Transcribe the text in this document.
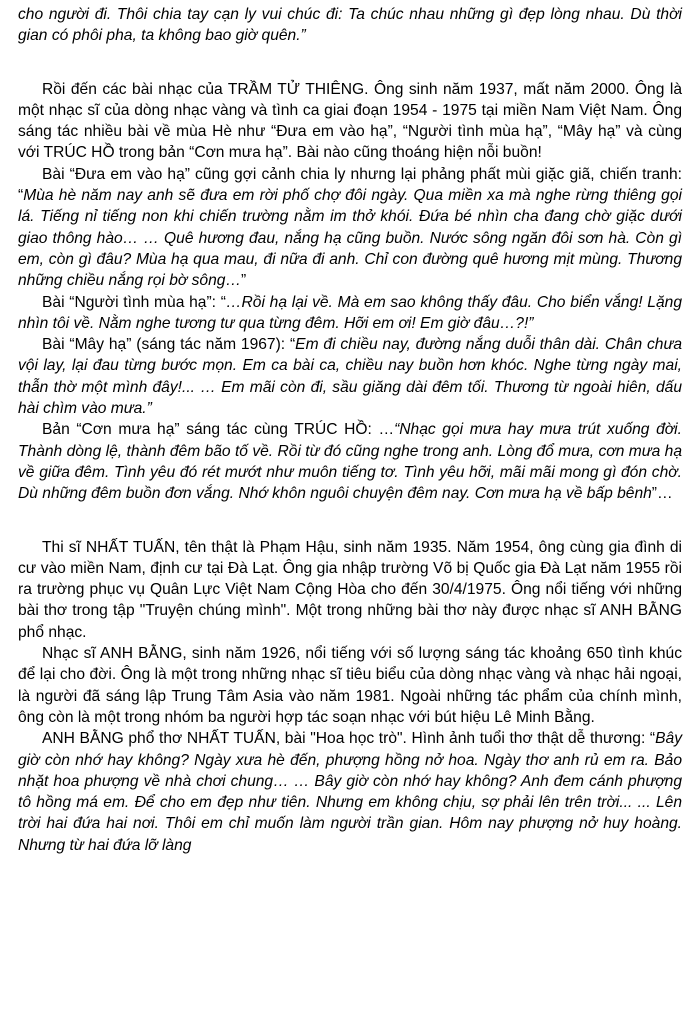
cho người đi. Thôi chia tay cạn ly vui chúc đi: Ta chúc nhau những gì đẹp lòng nhau. Dù thời gian có phôi pha, ta không bao giờ quên.”

Rồi đến các bài nhạc của TRẦM TỬ THIÊNG. Ông sinh năm 1937, mất năm 2000. Ông là một nhạc sĩ của dòng nhạc vàng và tình ca giai đoạn 1954 - 1975 tại miền Nam Việt Nam. Ông sáng tác nhiều bài về mùa Hè như “Đưa em vào hạ”, “Người tình mùa hạ”, “Mây hạ” và cùng với TRÚC HỒ trong bản “Cơn mưa hạ”. Bài nào cũng thoáng hiện nỗi buồn!

Bài “Đưa em vào hạ” cũng gợi cảnh chia ly nhưng lại phảng phất mùi giặc giã, chiến tranh: “Mùa hè năm nay anh sẽ đưa em rời phố chợ đôi ngày. Qua miền xa mà nghe rừng thiêng gọi lá. Tiếng nỉ tiếng non khi chiến trường nằm im thở khói. Đứa bé nhìn cha đang chờ giặc dưới giao thông hào… … Quê hương đau, nắng hạ cũng buồn. Nước sông ngăn đôi sơn hà. Còn gì em, còn gì đâu? Mùa hạ qua mau, đi nữa đi anh. Chỉ con đường quê hương mịt mùng. Thương những chiều nắng rọi bờ sông…”

Bài “Người tình mùa hạ”: “…Rồi hạ lại về. Mà em sao không thấy đâu. Cho biển vắng! Lặng nhìn tôi về. Nằm nghe tương tư qua từng đêm. Hỡi em ơi! Em giờ đâu…?!”

Bài “Mây hạ” (sáng tác năm 1967): “Em đi chiều nay, đường nắng duỗi thân dài. Chân chưa vội lay, lại đau từng bước mọn. Em ca bài ca, chiều nay buồn hơn khóc. Nghe từng ngày mai, thẫn thờ một mình đây!... … Em mãi còn đi, sầu giăng dài đêm tối. Thương từ ngoài hiên, dấu hài chìm vào mưa.”

Bản “Cơn mưa hạ” sáng tác cùng TRÚC HỒ: …“Nhạc gọi mưa hay mưa trút xuống đời. Thành dòng lệ, thành đêm bão tố về. Rồi từ đó cũng nghe trong anh. Lòng đổ mưa, cơn mưa hạ về giữa đêm. Tình yêu đó rét mướt như muôn tiếng tơ. Tình yêu hỡi, mãi mãi mong gì đón chờ. Dù những đêm buồn đơn vắng. Nhớ khôn nguôi chuyện đêm nay. Cơn mưa hạ về bấp bênh”…

Thi sĩ NHẤT TUẤN, tên thật là Phạm Hậu, sinh năm 1935. Năm 1954, ông cùng gia đình di cư vào miền Nam, định cư tại Đà Lạt. Ông gia nhập trường Võ bị Quốc gia Đà Lạt năm 1955 rồi ra trường phục vụ Quân Lực Việt Nam Cộng Hòa cho đến 30/4/1975. Ông nổi tiếng với những bài thơ trong tập "Truyện chúng mình". Một trong những bài thơ này được nhạc sĩ ANH BẰNG phổ nhạc.

Nhạc sĩ ANH BẰNG, sinh năm 1926, nổi tiếng với số lượng sáng tác khoảng 650 tình khúc để lại cho đời. Ông là một trong những nhạc sĩ tiêu biểu của dòng nhạc vàng và nhạc hải ngoại, là người đã sáng lập Trung Tâm Asia vào năm 1981. Ngoài những tác phẩm của chính mình, ông còn là một trong nhóm ba người hợp tác soạn nhạc với bút hiệu Lê Minh Bằng.

ANH BẰNG phổ thơ NHẤT TUẤN, bài "Hoa học trò". Hình ảnh tuổi thơ thật dễ thương: “Bây giờ còn nhớ hay không? Ngày xưa hè đến, phượng hồng nở hoa. Ngày thơ anh rủ em ra. Bảo nhặt hoa phượng về nhà chơi chung… … Bây giờ còn nhớ hay không? Anh đem cánh phượng tô hồng má em. Để cho em đẹp như tiên. Nhưng em không chịu, sợ phải lên trên trời... ... Lên trời hai đứa hai nơi. Thôi em chỉ muốn làm người trần gian. Hôm nay phượng nở huy hoàng. Nhưng từ hai đứa lỡ làng
